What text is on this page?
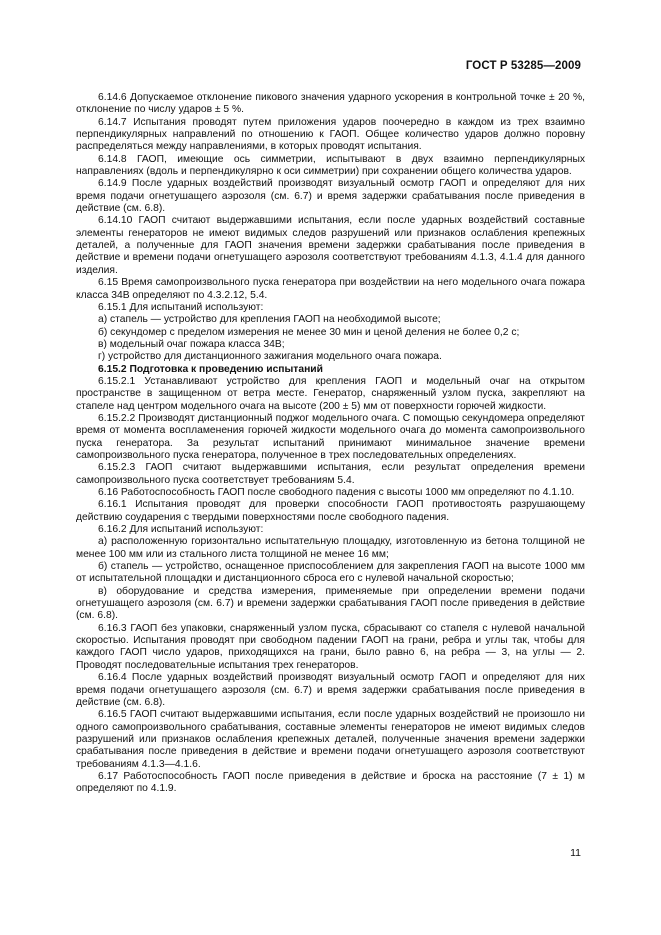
ГОСТ Р 53285—2009

6.14.6 Допускаемое отклонение пикового значения ударного ускорения в контрольной точке ± 20 %, отклонение по числу ударов ± 5 %.

6.14.7 Испытания проводят путем приложения ударов поочередно в каждом из трех взаимно перпендикулярных направлений по отношению к ГАОП. Общее количество ударов должно поровну распределяться между направлениями, в которых проводят испытания.

6.14.8 ГАОП, имеющие ось симметрии, испытывают в двух взаимно перпендикулярных направлениях (вдоль и перпендикулярно к оси симметрии) при сохранении общего количества ударов.

6.14.9 После ударных воздействий производят визуальный осмотр ГАОП и определяют для них время подачи огнетушащего аэрозоля (см. 6.7) и время задержки срабатывания после приведения в действие (см. 6.8).

6.14.10 ГАОП считают выдержавшими испытания, если после ударных воздействий составные элементы генераторов не имеют видимых следов разрушений или признаков ослабления крепежных деталей, а полученные для ГАОП значения времени задержки срабатывания после приведения в действие и времени подачи огнетушащего аэрозоля соответствуют требованиям 4.1.3, 4.1.4 для данного изделия.

6.15 Время самопроизвольного пуска генератора при воздействии на него модельного очага пожара класса 34В определяют по 4.3.2.12, 5.4.

6.15.1 Для испытаний используют:

а) стапель — устройство для крепления ГАОП на необходимой высоте;

б) секундомер с пределом измерения не менее 30 мин и ценой деления не более 0,2 с;

в) модельный очаг пожара класса 34В;

г) устройство для дистанционного зажигания модельного очага пожара.

6.15.2 Подготовка к проведению испытаний

6.15.2.1 Устанавливают устройство для крепления ГАОП и модельный очаг на открытом пространстве в защищенном от ветра месте. Генератор, снаряженный узлом пуска, закрепляют на стапеле над центром модельного очага на высоте (200 ± 5) мм от поверхности горючей жидкости.

6.15.2.2 Производят дистанционный поджог модельного очага. С помощью секундомера определяют время от момента воспламенения горючей жидкости модельного очага до момента самопроизвольного пуска генератора. За результат испытаний принимают минимальное значение времени самопроизвольного пуска генератора, полученное в трех последовательных определениях.

6.15.2.3 ГАОП считают выдержавшими испытания, если результат определения времени самопроизвольного пуска соответствует требованиям 5.4.

6.16 Работоспособность ГАОП после свободного падения с высоты 1000 мм определяют по 4.1.10.

6.16.1 Испытания проводят для проверки способности ГАОП противостоять разрушающему действию соударения с твердыми поверхностями после свободного падения.

6.16.2 Для испытаний используют:

а) расположенную горизонтально испытательную площадку, изготовленную из бетона толщиной не менее 100 мм или из стального листа толщиной не менее 16 мм;

б) стапель — устройство, оснащенное приспособлением для закрепления ГАОП на высоте 1000 мм от испытательной площадки и дистанционного сброса его с нулевой начальной скоростью;

в) оборудование и средства измерения, применяемые при определении времени подачи огнетушащего аэрозоля (см. 6.7) и времени задержки срабатывания ГАОП после приведения в действие (см. 6.8).

6.16.3 ГАОП без упаковки, снаряженный узлом пуска, сбрасывают со стапеля с нулевой начальной скоростью. Испытания проводят при свободном падении ГАОП на грани, ребра и углы так, чтобы для каждого ГАОП число ударов, приходящихся на грани, было равно 6, на ребра — 3, на углы — 2. Проводят последовательные испытания трех генераторов.

6.16.4 После ударных воздействий производят визуальный осмотр ГАОП и определяют для них время подачи огнетушащего аэрозоля (см. 6.7) и время задержки срабатывания после приведения в действие (см. 6.8).

6.16.5 ГАОП считают выдержавшими испытания, если после ударных воздействий не произошло ни одного самопроизвольного срабатывания, составные элементы генераторов не имеют видимых следов разрушений или признаков ослабления крепежных деталей, полученные значения времени задержки срабатывания после приведения в действие и времени подачи огнетушащего аэрозоля соответствуют требованиям 4.1.3—4.1.6.

6.17 Работоспособность ГАОП после приведения в действие и броска на расстояние (7 ± 1) м определяют по 4.1.9.

11
